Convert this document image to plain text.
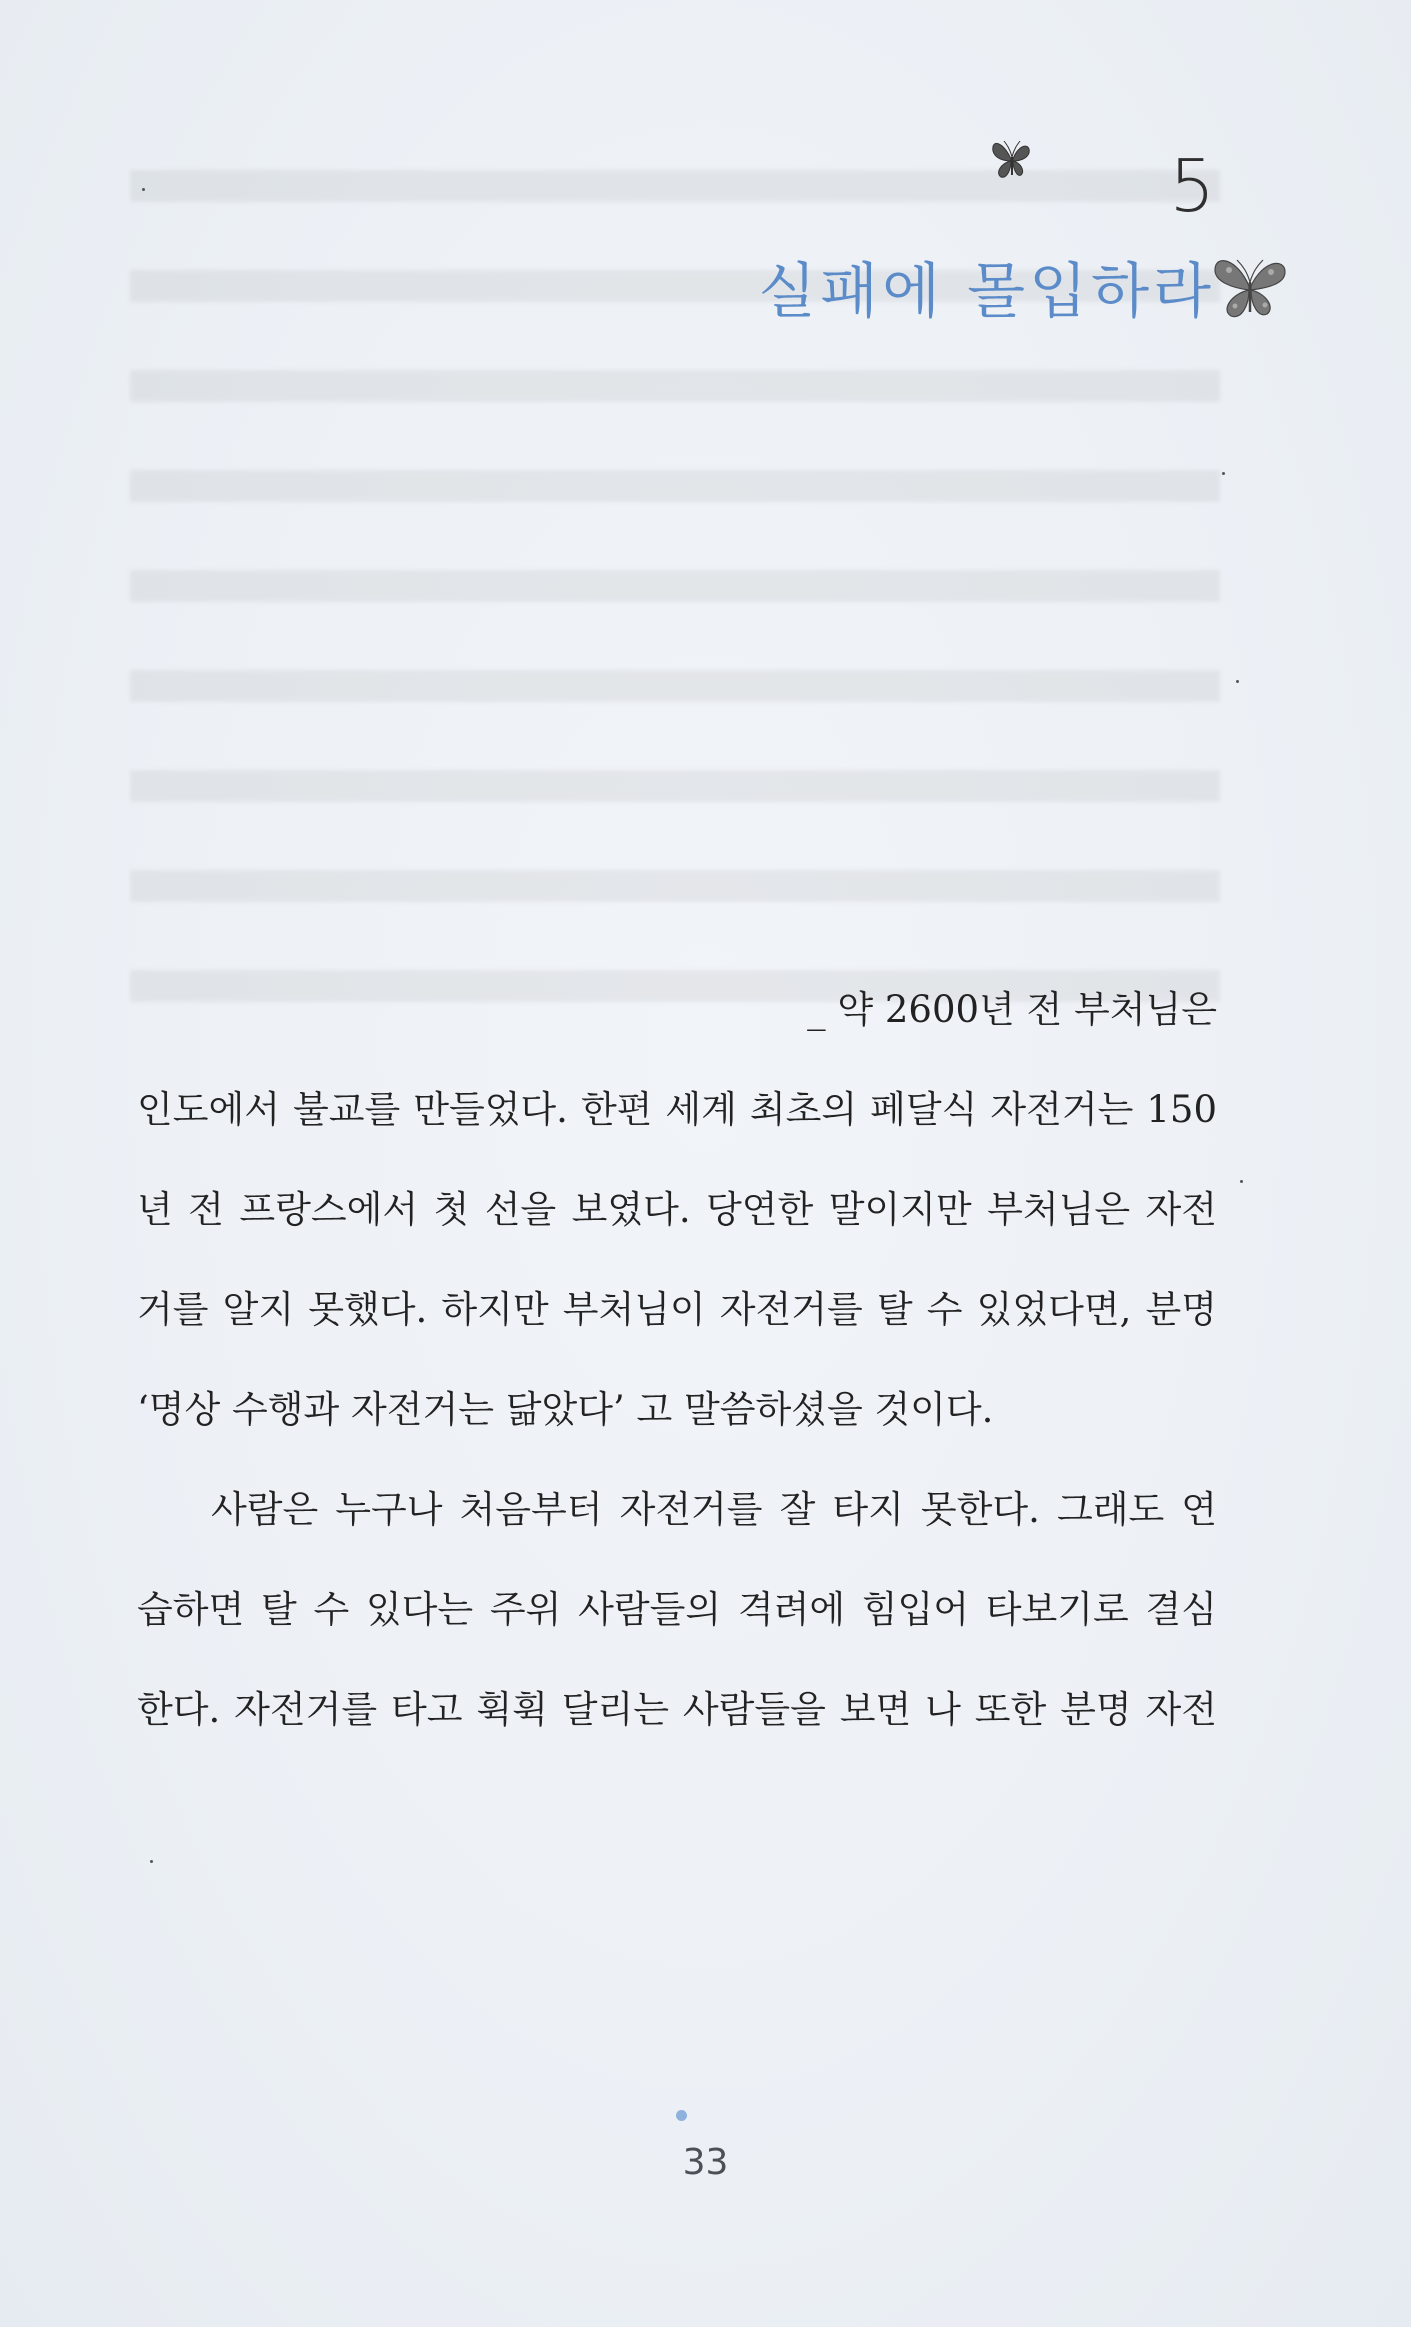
5
실패에 몰입하라
_ 약 2600년 전 부처님은
인도에서 불교를 만들었다. 한편 세계 최초의 페달식 자전거는 150
년 전 프랑스에서 첫 선을 보였다. 당연한 말이지만 부처님은 자전
거를 알지 못했다. 하지만 부처님이 자전거를 탈 수 있었다면, 분명
‘명상 수행과 자전거는 닮았다’ 고 말씀하셨을 것이다.
사람은 누구나 처음부터 자전거를 잘 타지 못한다. 그래도 연
습하면 탈 수 있다는 주위 사람들의 격려에 힘입어 타보기로 결심
한다. 자전거를 타고 휙휙 달리는 사람들을 보면 나 또한 분명 자전
33
